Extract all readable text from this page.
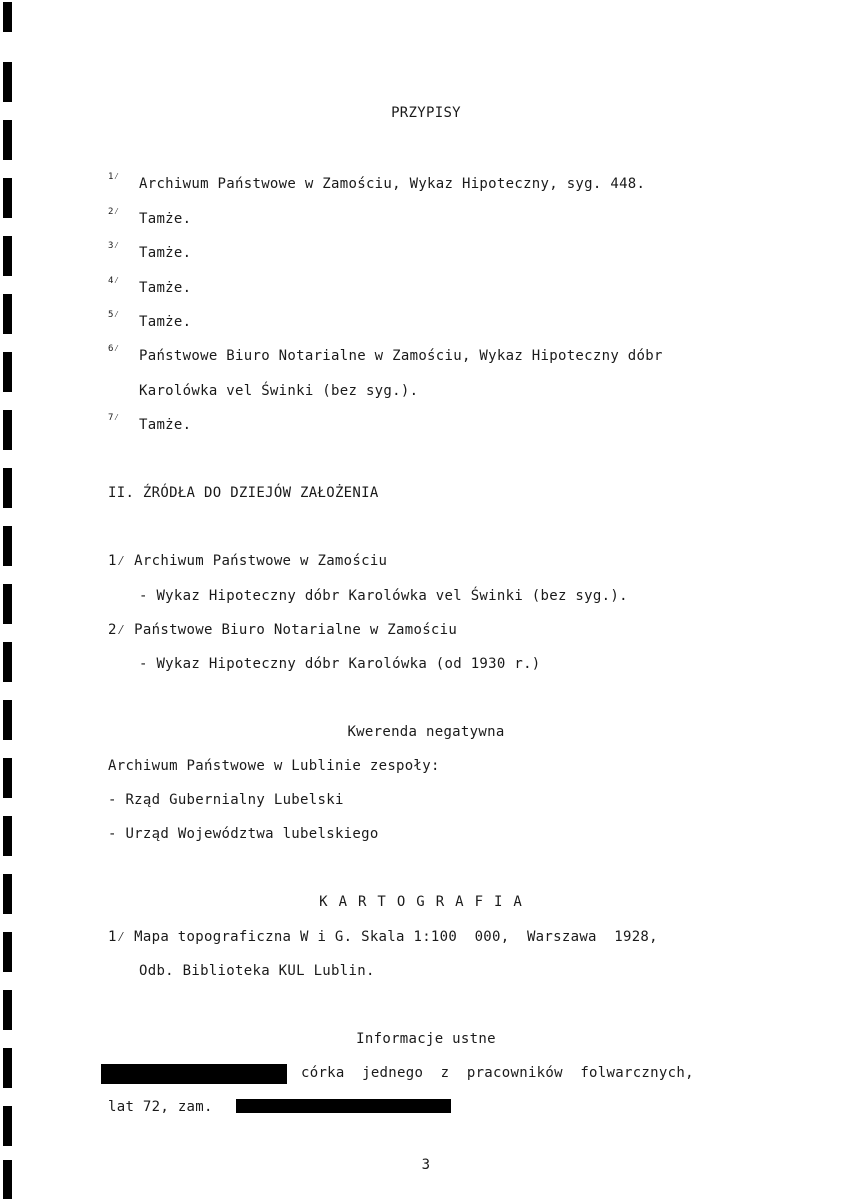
PRZYPISY
1⁄ Archiwum Państwowe w Zamościu, Wykaz Hipoteczny, syg. 448.
2⁄ Tamże.
3⁄ Tamże.
4⁄ Tamże.
5⁄ Tamże.
6⁄ Państwowe Biuro Notarialne w Zamościu, Wykaz Hipoteczny dóbr
Karolówka vel Świnki (bez syg.).
7⁄ Tamże.
II. ŹRÓDŁA DO DZIEJÓW ZAŁOŻENIA
1⁄ Archiwum Państwowe w Zamościu
- Wykaz Hipoteczny dóbr Karolówka vel Świnki (bez syg.).
2⁄ Państwowe Biuro Notarialne w Zamościu
- Wykaz Hipoteczny dóbr Karolówka (od 1930 r.)
Kwerenda negatywna
Archiwum Państwowe w Lublinie zespoły:
- Rząd Gubernialny Lubelski
- Urząd Województwa lubelskiego
KARTOGRAFIA
1⁄ Mapa topograficzna W i G. Skala 1:100  000,  Warszawa  1928,
Odb. Biblioteka KUL Lublin.
Informacje ustne
córka  jednego  z  pracowników  folwarcznych,
lat 72, zam.
3
